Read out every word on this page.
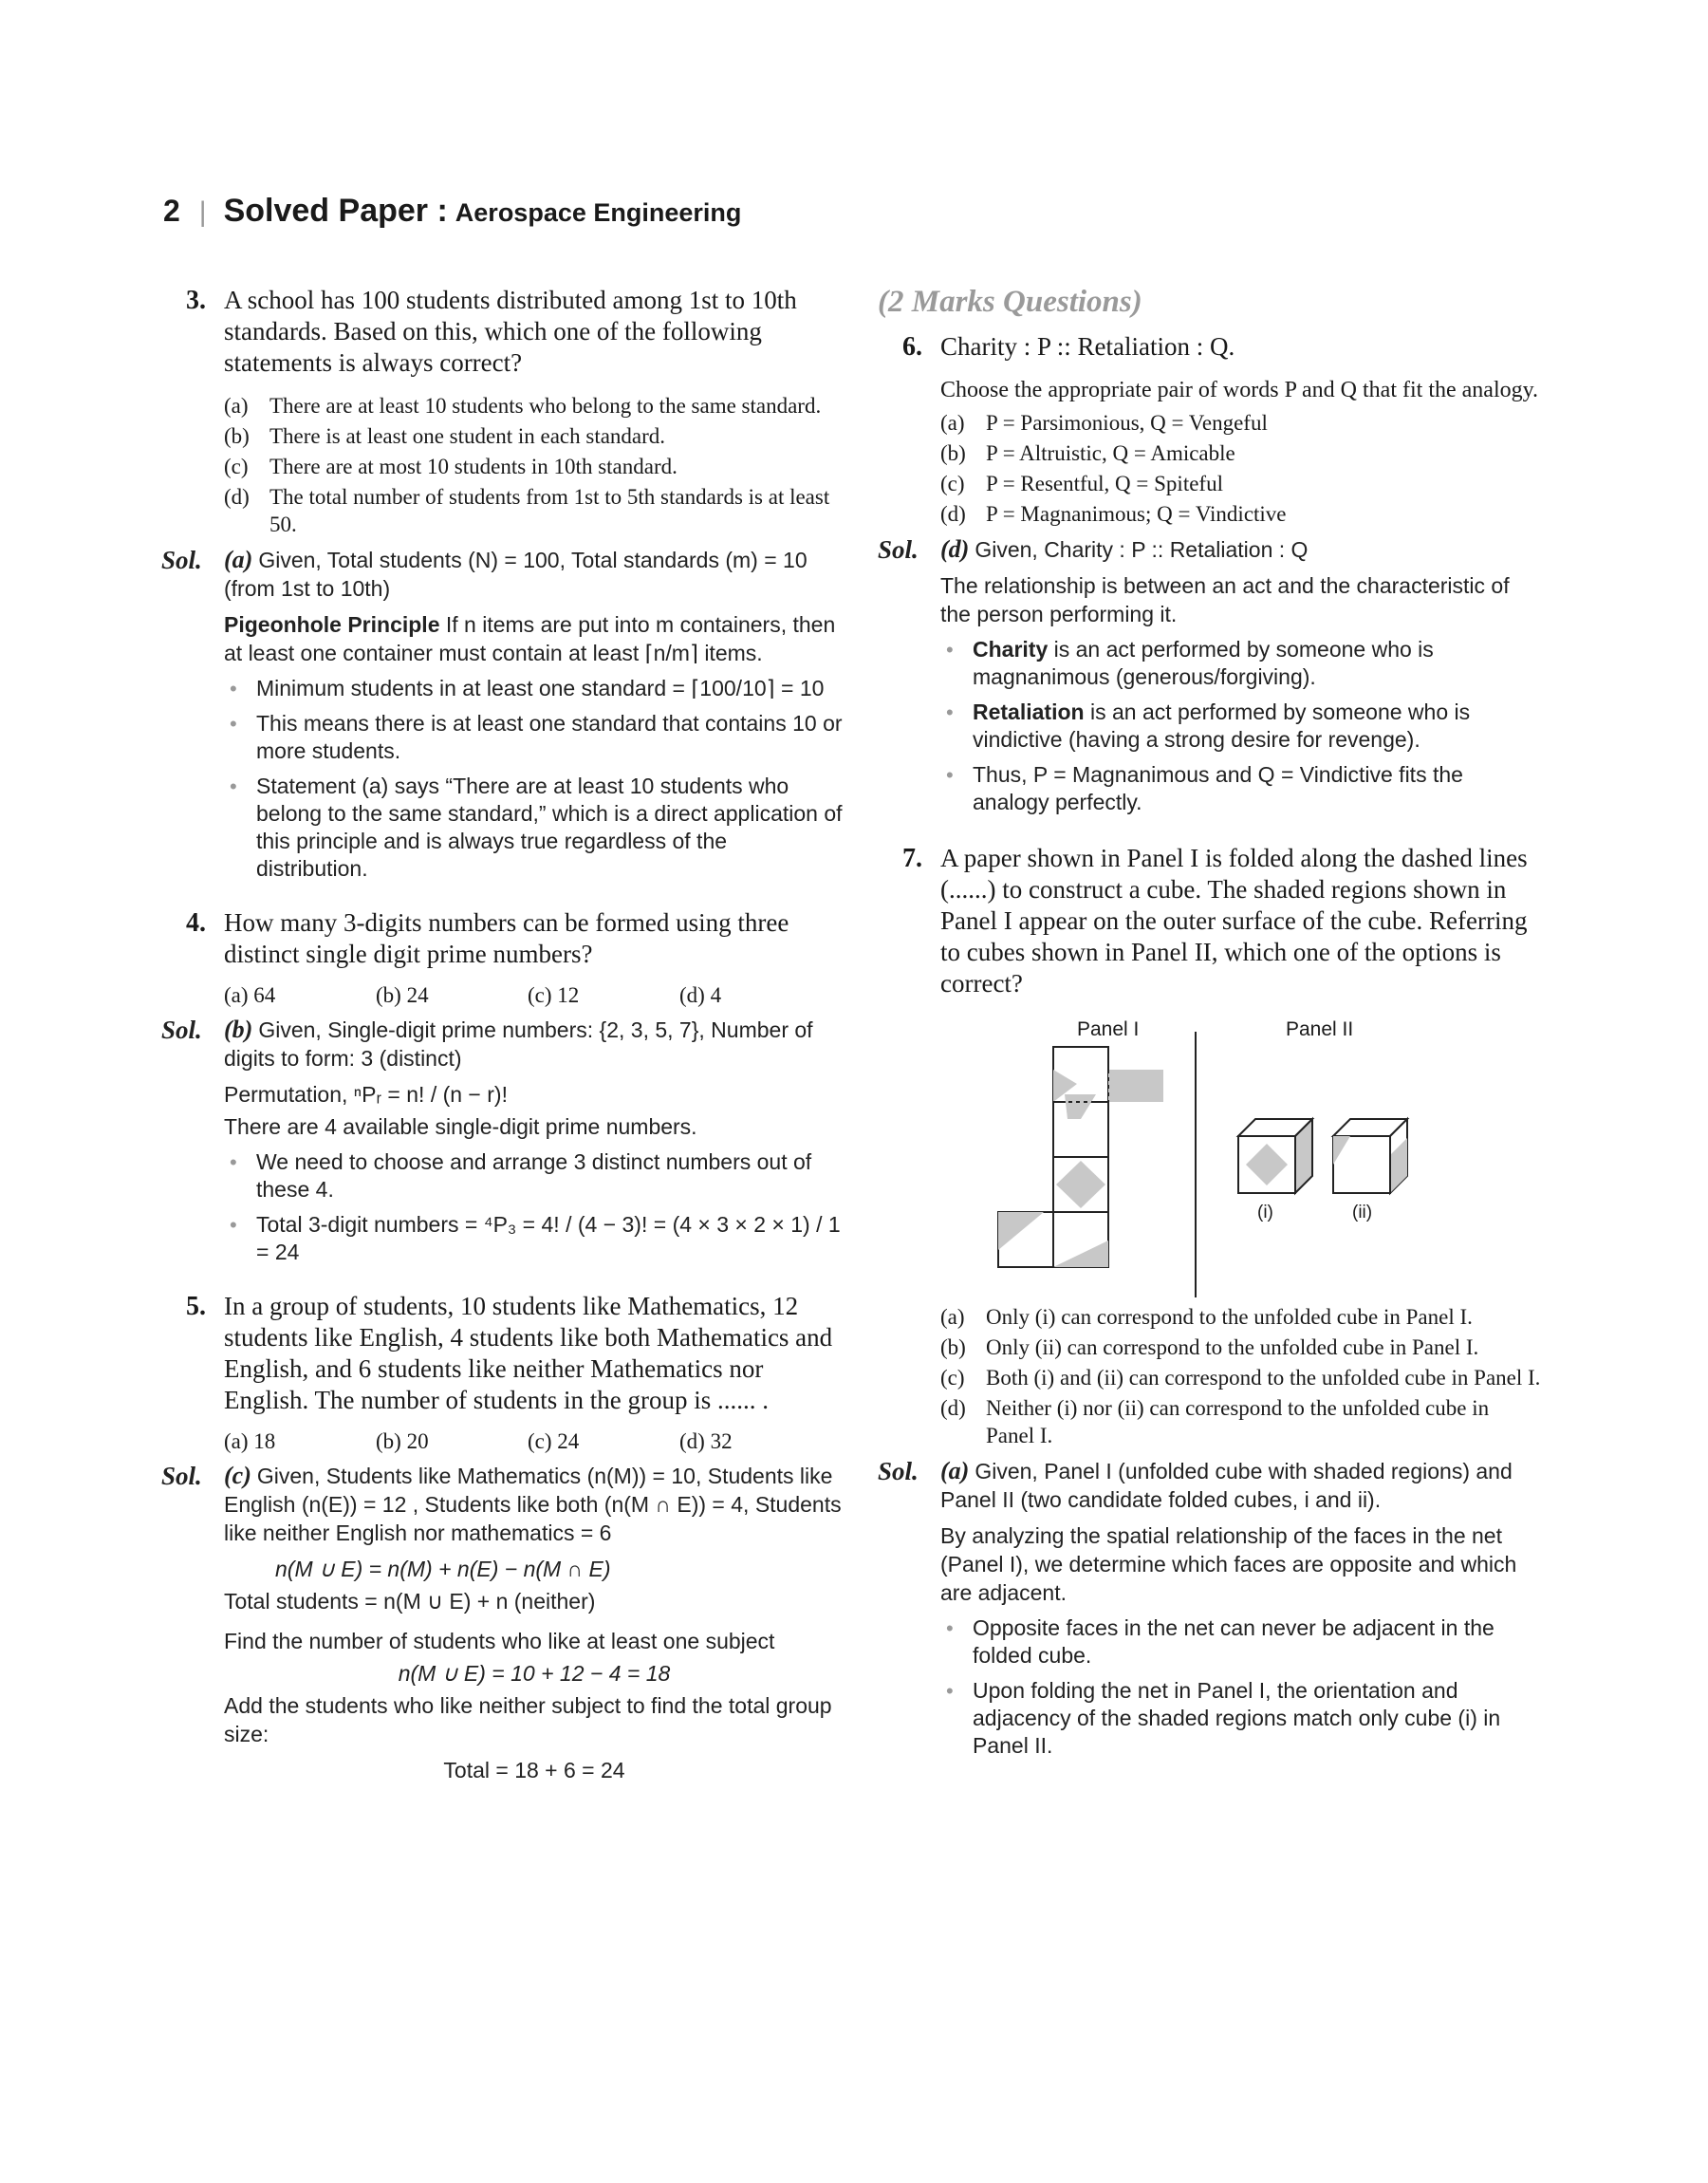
2 | Solved Paper : Aerospace Engineering
3. A school has 100 students distributed among 1st to 10th standards. Based on this, which one of the following statements is always correct?
(a) There are at least 10 students who belong to the same standard.
(b) There is at least one student in each standard.
(c) There are at most 10 students in 10th standard.
(d) The total number of students from 1st to 5th standards is at least 50.
Sol. (a) Given, Total students (N) = 100, Total standards (m) = 10 (from 1st to 10th)
Pigeonhole Principle If n items are put into m containers, then at least one container must contain at least ⌈n/m⌉ items.
• Minimum students in at least one standard = ⌈100/10⌉ = 10
• This means there is at least one standard that contains 10 or more students.
• Statement (a) says “There are at least 10 students who belong to the same standard,” which is a direct application of this principle and is always true regardless of the distribution.
4. How many 3-digits numbers can be formed using three distinct single digit prime numbers?
(a) 64	(b) 24	(c) 12	(d) 4
Sol. (b) Given, Single-digit prime numbers: {2, 3, 5, 7}, Number of digits to form: 3 (distinct)
Permutation, ⁿPᵣ = n! / (n − r)!
There are 4 available single-digit prime numbers.
• We need to choose and arrange 3 distinct numbers out of these 4.
• Total 3-digit numbers = ⁴P₃ = 4! / (4 − 3)! = (4 × 3 × 2 × 1) / 1 = 24
5. In a group of students, 10 students like Mathematics, 12 students like English, 4 students like both Mathematics and English, and 6 students like neither Mathematics nor English. The number of students in the group is ...... .
(a) 18	(b) 20	(c) 24	(d) 32
Sol. (c) Given, Students like Mathematics (n(M)) = 10, Students like English (n(E)) = 12 , Students like both (n(M ∩ E)) = 4, Students like neither English nor mathematics = 6
n(M ∪ E) = n(M) + n(E) − n(M ∩ E)
Total students = n(M ∪ E) + n (neither)
Find the number of students who like at least one subject
n(M ∪ E) = 10 + 12 − 4 = 18
Add the students who like neither subject to find the total group size:
Total = 18 + 6 = 24
(2 Marks Questions)
6. Charity : P :: Retaliation : Q.
Choose the appropriate pair of words P and Q that fit the analogy.
(a) P = Parsimonious, Q = Vengeful
(b) P = Altruistic, Q = Amicable
(c) P = Resentful, Q = Spiteful
(d) P = Magnanimous; Q = Vindictive
Sol. (d) Given, Charity : P :: Retaliation : Q
The relationship is between an act and the characteristic of the person performing it.
• Charity is an act performed by someone who is magnanimous (generous/forgiving).
• Retaliation is an act performed by someone who is vindictive (having a strong desire for revenge).
• Thus, P = Magnanimous and Q = Vindictive fits the analogy perfectly.
7. A paper shown in Panel I is folded along the dashed lines (......) to construct a cube. The shaded regions shown in Panel I appear on the outer surface of the cube. Referring to cubes shown in Panel II, which one of the options is correct?
Panel I	Panel II
(i)	(ii)
(a) Only (i) can correspond to the unfolded cube in Panel I.
(b) Only (ii) can correspond to the unfolded cube in Panel I.
(c) Both (i) and (ii) can correspond to the unfolded cube in Panel I.
(d) Neither (i) nor (ii) can correspond to the unfolded cube in Panel I.
Sol. (a) Given, Panel I (unfolded cube with shaded regions) and Panel II (two candidate folded cubes, i and ii).
By analyzing the spatial relationship of the faces in the net (Panel I), we determine which faces are opposite and which are adjacent.
• Opposite faces in the net can never be adjacent in the folded cube.
• Upon folding the net in Panel I, the orientation and adjacency of the shaded regions match only cube (i) in Panel II.
